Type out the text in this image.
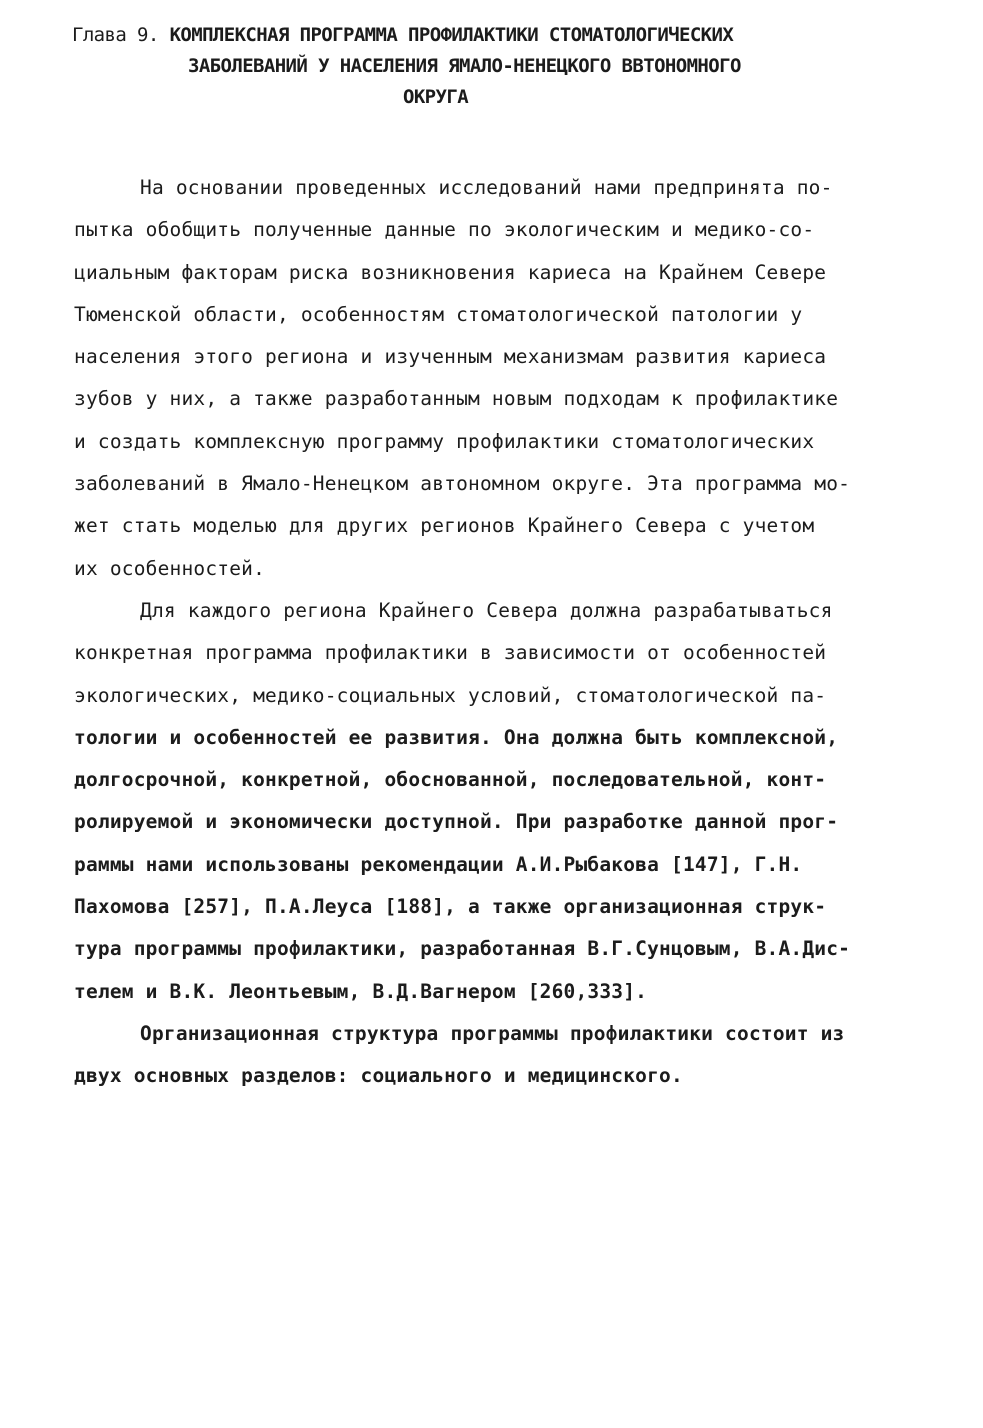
Глава 9. КОМПЛЕКСНАЯ ПРОГРАММА ПРОФИЛАКТИКИ СТОМАТОЛОГИЧЕСКИХ
ЗАБОЛЕВАНИЙ У НАСЕЛЕНИЯ ЯМАЛО-НЕНЕЦКОГО ВВТОНОМНОГО
ОКРУГА
На основании проведенных исследований нами предпринята по-
пытка обобщить полученные данные по экологическим и медико-со-
циальным факторам риска возникновения кариеса на Крайнем Севере
Тюменской области, особенностям стоматологической патологии у
населения этого региона и изученным механизмам развития кариеса
зубов у них, а также разработанным новым подходам к профилактике
и создать комплексную программу профилактики стоматологических
заболеваний в Ямало-Ненецком автономном округе. Эта программа мо-
жет стать моделью для других регионов Крайнего Севера с учетом
их особенностей.
Для каждого региона Крайнего Севера должна разрабатываться
конкретная программа профилактики в зависимости от особенностей
экологических, медико-социальных условий, стоматологической па-
тологии и особенностей ее развития. Она должна быть комплексной,
долгосрочной, конкретной, обоснованной, последовательной, конт-
ролируемой и экономически доступной. При разработке данной прог-
раммы нами использованы рекомендации А.И.Рыбакова [147], Г.Н.
Пахомова [257], П.А.Леуса [188], а также организационная струк-
тура программы профилактики, разработанная В.Г.Сунцовым, В.А.Дис-
телем и В.К. Леонтьевым, В.Д.Вагнером [260,333].
Организационная структура программы профилактики состоит из
двух основных разделов: социального и медицинского.
